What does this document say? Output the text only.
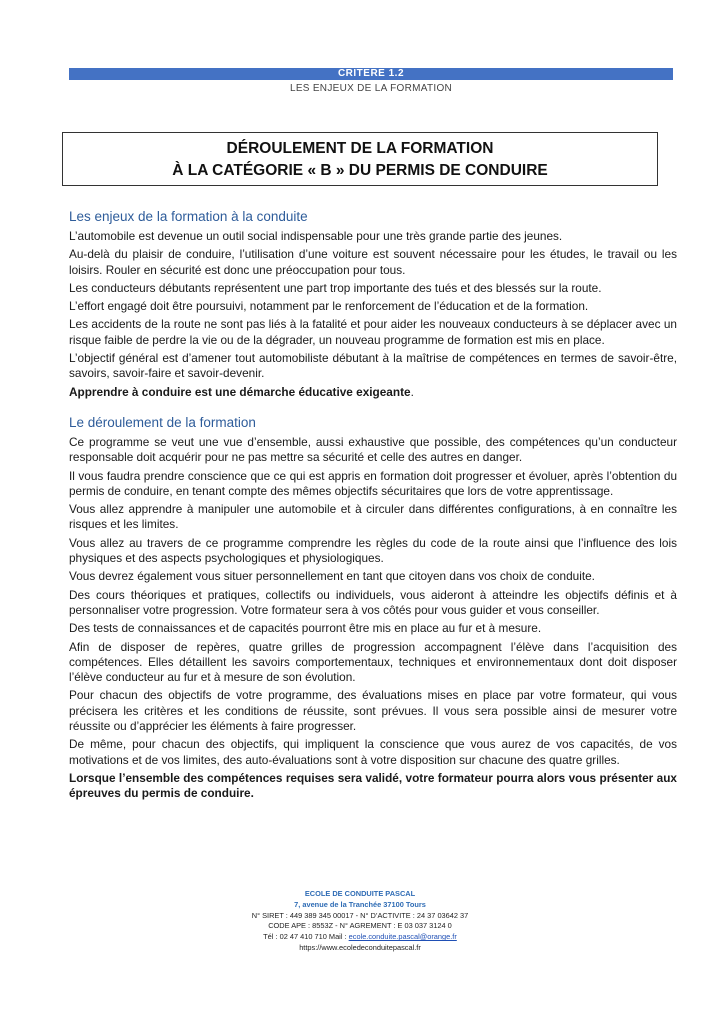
CRITERE 1.2
LES ENJEUX DE LA FORMATION
DÉROULEMENT DE LA FORMATION
À LA CATÉGORIE « B » DU PERMIS DE CONDUIRE
Les enjeux de la formation à la conduite

L’automobile est devenue un outil social indispensable pour une très grande partie des jeunes.

Au-delà du plaisir de conduire, l’utilisation d’une voiture est souvent nécessaire pour les études, le travail ou les loisirs. Rouler en sécurité est donc une préoccupation pour tous.

Les conducteurs débutants représentent une part trop importante des tués et des blessés sur la route.

L’effort engagé doit être poursuivi, notamment par le renforcement de l’éducation et de la formation.

Les accidents de la route ne sont pas liés à la fatalité et pour aider les nouveaux conducteurs à se déplacer avec un risque faible de perdre la vie ou de la dégrader, un nouveau programme de formation est mis en place.

L’objectif général est d’amener tout automobiliste débutant à la maîtrise de compétences en termes de savoir-être, savoirs, savoir-faire et savoir-devenir.

Apprendre à conduire est une démarche éducative exigeante.

Le déroulement de la formation

Ce programme se veut une vue d’ensemble, aussi exhaustive que possible, des compétences qu’un conducteur responsable doit acquérir pour ne pas mettre sa sécurité et celle des autres en danger.

Il vous faudra prendre conscience que ce qui est appris en formation doit progresser et évoluer, après l’obtention du permis de conduire, en tenant compte des mêmes objectifs sécuritaires que lors de votre apprentissage.

Vous allez apprendre à manipuler une automobile et à circuler dans différentes configurations, à en connaître les risques et les limites.

Vous allez au travers de ce programme comprendre les règles du code de la route ainsi que l’influence des lois physiques et des aspects psychologiques et physiologiques.

Vous devrez également vous situer personnellement en tant que citoyen dans vos choix de conduite.

Des cours théoriques et pratiques, collectifs ou individuels, vous aideront à atteindre les objectifs définis et à personnaliser votre progression. Votre formateur sera à vos côtés pour vous guider et vous conseiller.

Des tests de connaissances et de capacités pourront être mis en place au fur et à mesure.

Afin de disposer de repères, quatre grilles de progression accompagnent l’élève dans l’acquisition des compétences. Elles détaillent les savoirs comportementaux, techniques et environnementaux dont doit disposer l’élève conducteur au fur et à mesure de son évolution.

Pour chacun des objectifs de votre programme, des évaluations mises en place par votre formateur, qui vous précisera les critères et les conditions de réussite, sont prévues. Il vous sera possible ainsi de mesurer votre réussite ou d’apprécier les éléments à faire progresser.

De même, pour chacun des objectifs, qui impliquent la conscience que vous aurez de vos capacités, de vos motivations et de vos limites, des auto-évaluations sont à votre disposition sur chacune des quatre grilles.

Lorsque l’ensemble des compétences requises sera validé, votre formateur pourra alors vous présenter aux épreuves du permis de conduire.

ECOLE DE CONDUITE PASCAL
7, avenue de la Tranchée 37100 Tours
N° SIRET : 449 389 345 00017 - N° D’ACTIVITE : 24 37 03642 37
CODE APE : 8553Z - N° AGREMENT : E 03 037 3124 0
Tél : 02 47 410 710 Mail : ecole.conduite.pascal@orange.fr
https://www.ecoledeconduitepascal.fr
